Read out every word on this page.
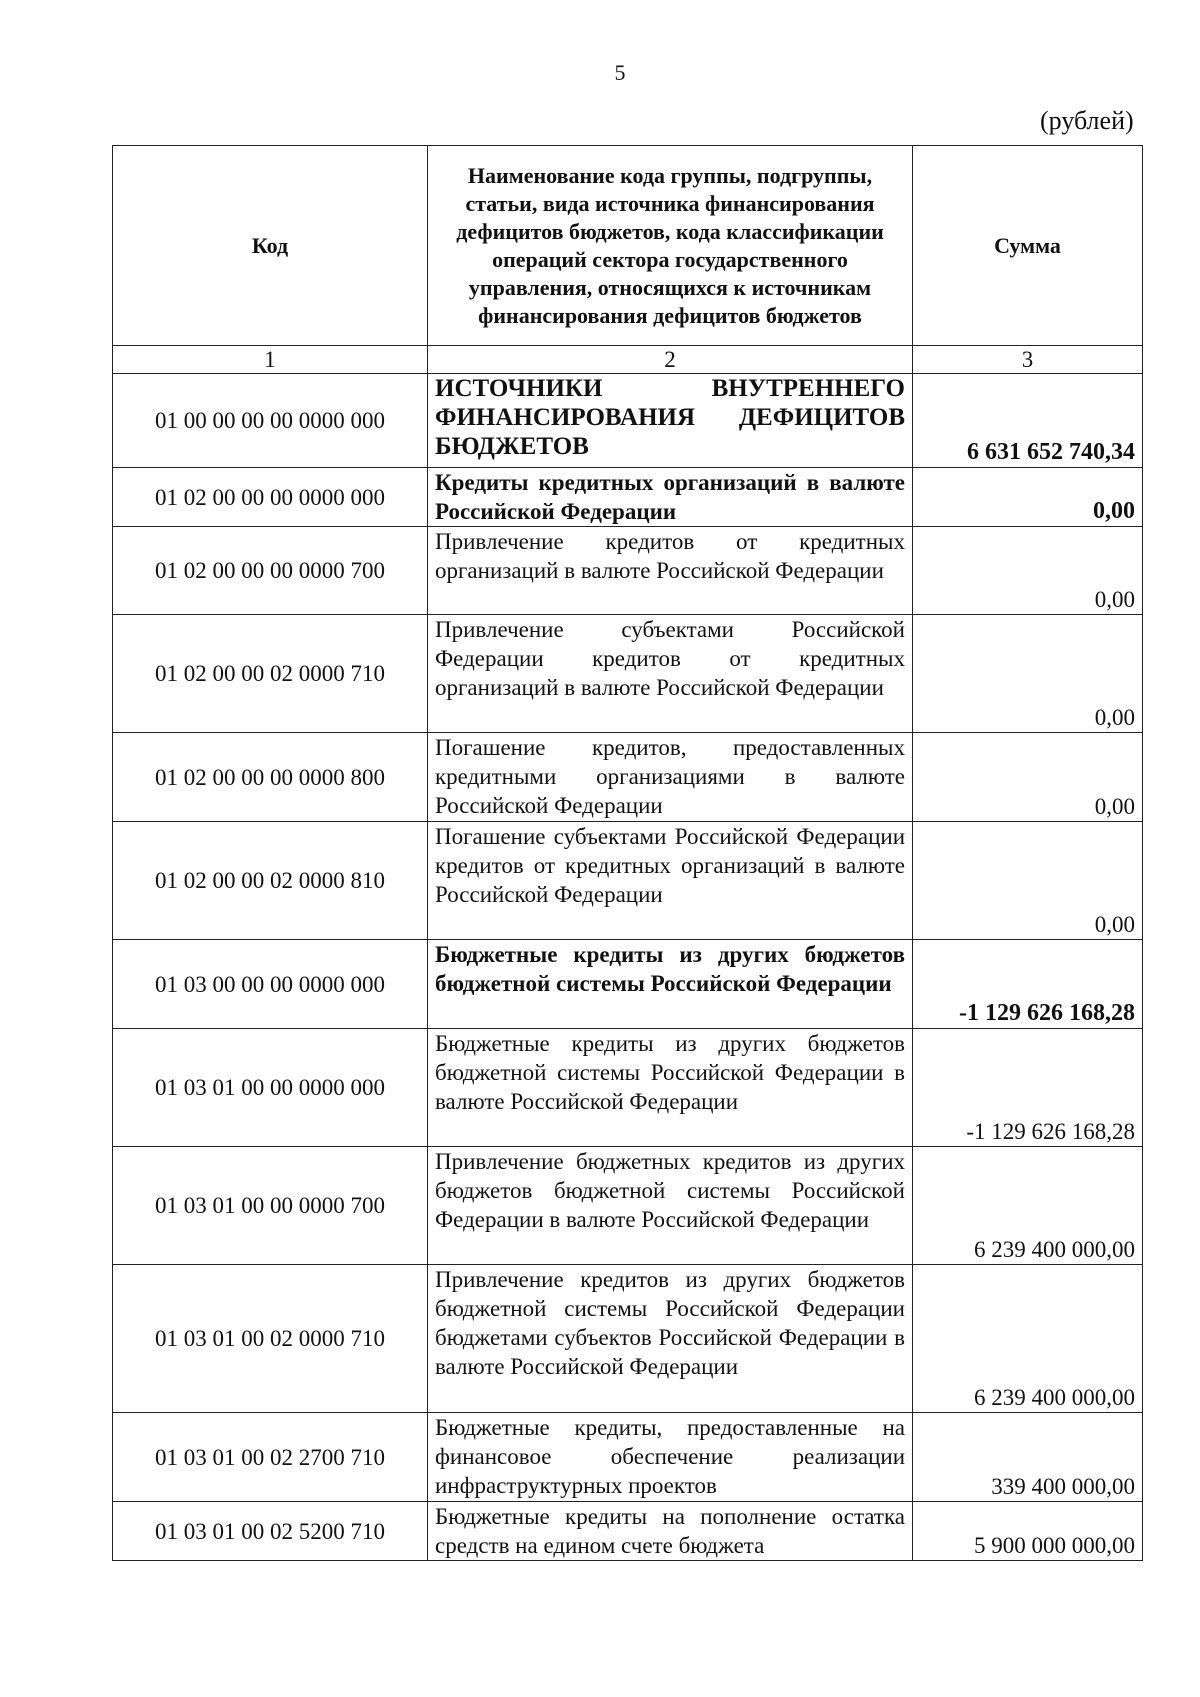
5
(рублей)
Код	Наименование кода группы, подгруппы, статьи, вида источника финансирования дефицитов бюджетов, кода классификации операций сектора государственного управления, относящихся к источникам финансирования дефицитов бюджетов	Сумма
1	2	3
01 00 00 00 00 0000 000	ИСТОЧНИКИ ВНУТРЕННЕГО ФИНАНСИРОВАНИЯ ДЕФИЦИТОВ БЮДЖЕТОВ	6 631 652 740,34
01 02 00 00 00 0000 000	Кредиты кредитных организаций в валюте Российской Федерации	0,00
01 02 00 00 00 0000 700	Привлечение кредитов от кредитных организаций в валюте Российской Федерации	0,00
01 02 00 00 02 0000 710	Привлечение субъектами Российской Федерации кредитов от кредитных организаций в валюте Российской Федерации	0,00
01 02 00 00 00 0000 800	Погашение кредитов, предоставленных кредитными организациями в валюте Российской Федерации	0,00
01 02 00 00 02 0000 810	Погашение субъектами Российской Федерации кредитов от кредитных организаций в валюте Российской Федерации	0,00
01 03 00 00 00 0000 000	Бюджетные кредиты из других бюджетов бюджетной системы Российской Федерации	-1 129 626 168,28
01 03 01 00 00 0000 000	Бюджетные кредиты из других бюджетов бюджетной системы Российской Федерации в валюте Российской Федерации	-1 129 626 168,28
01 03 01 00 00 0000 700	Привлечение бюджетных кредитов из других бюджетов бюджетной системы Российской Федерации в валюте Российской Федерации	6 239 400 000,00
01 03 01 00 02 0000 710	Привлечение кредитов из других бюджетов бюджетной системы Российской Федерации бюджетами субъектов Российской Федерации в валюте Российской Федерации	6 239 400 000,00
01 03 01 00 02 2700 710	Бюджетные кредиты, предоставленные на финансовое обеспечение реализации инфраструктурных проектов	339 400 000,00
01 03 01 00 02 5200 710	Бюджетные кредиты на пополнение остатка средств на едином счете бюджета	5 900 000 000,00
